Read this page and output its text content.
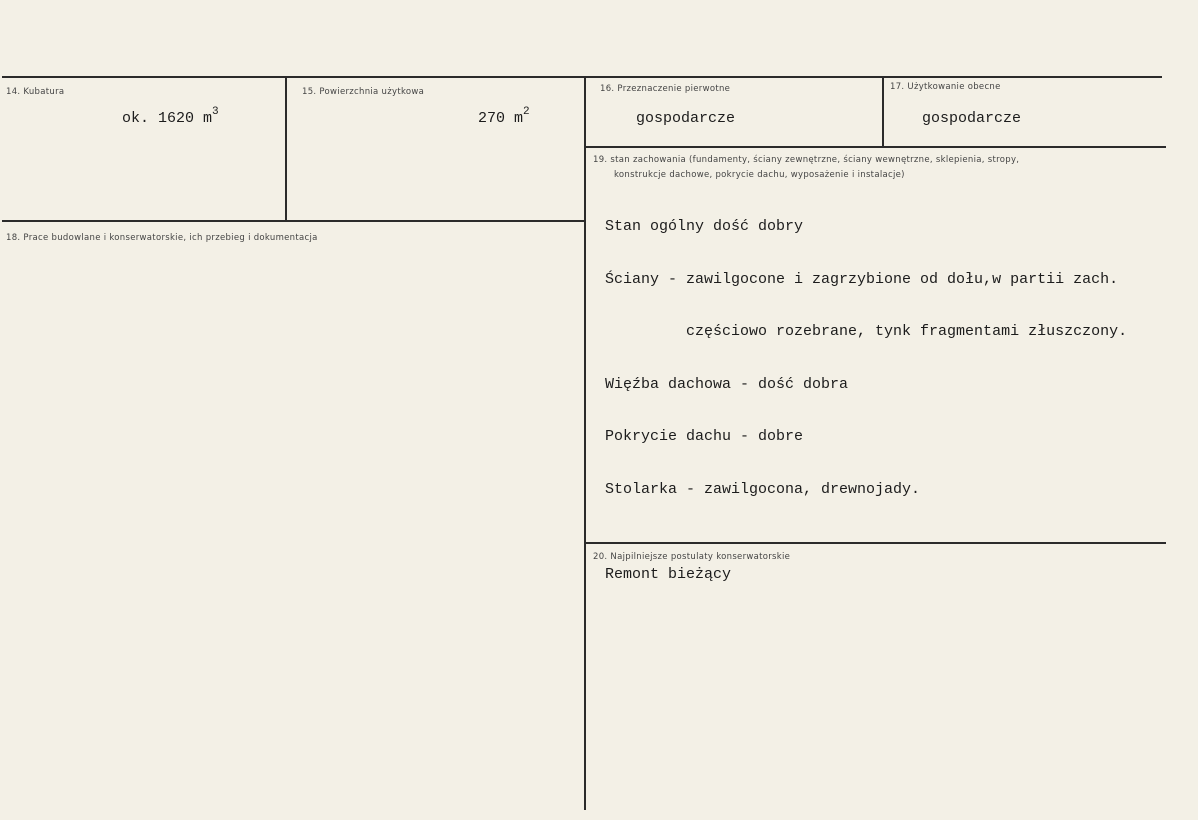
14. Kubatura
ok. 1620 $m^3$
15. Powierzchnia użytkowa
270 $m^2$
16. Przeznaczenie pierwotne
gospodarcze
17. Użytkowanie obecne
gospodarcze
18. Prace budowlane i konserwatorskie, ich przebieg i dokumentacja
19. stan zachowania (fundamenty, ściany zewnętrzne, ściany wewnętrzne, sklepienia, stropy,
konstrukcje dachowe, pokrycie dachu, wyposażenie i instalacje)

Stan ogólny dość dobry

Ściany - zawilgocone i zagrzybione od dołu,w partii zach.

częściowo rozebrane, tynk fragmentami złuszczony.

Więźba dachowa - dość dobra

Pokrycie dachu - dobre

Stolarka - zawilgocona, drewnojady.

20. Najpilniejsze postulaty konserwatorskie
Remont bieżący
